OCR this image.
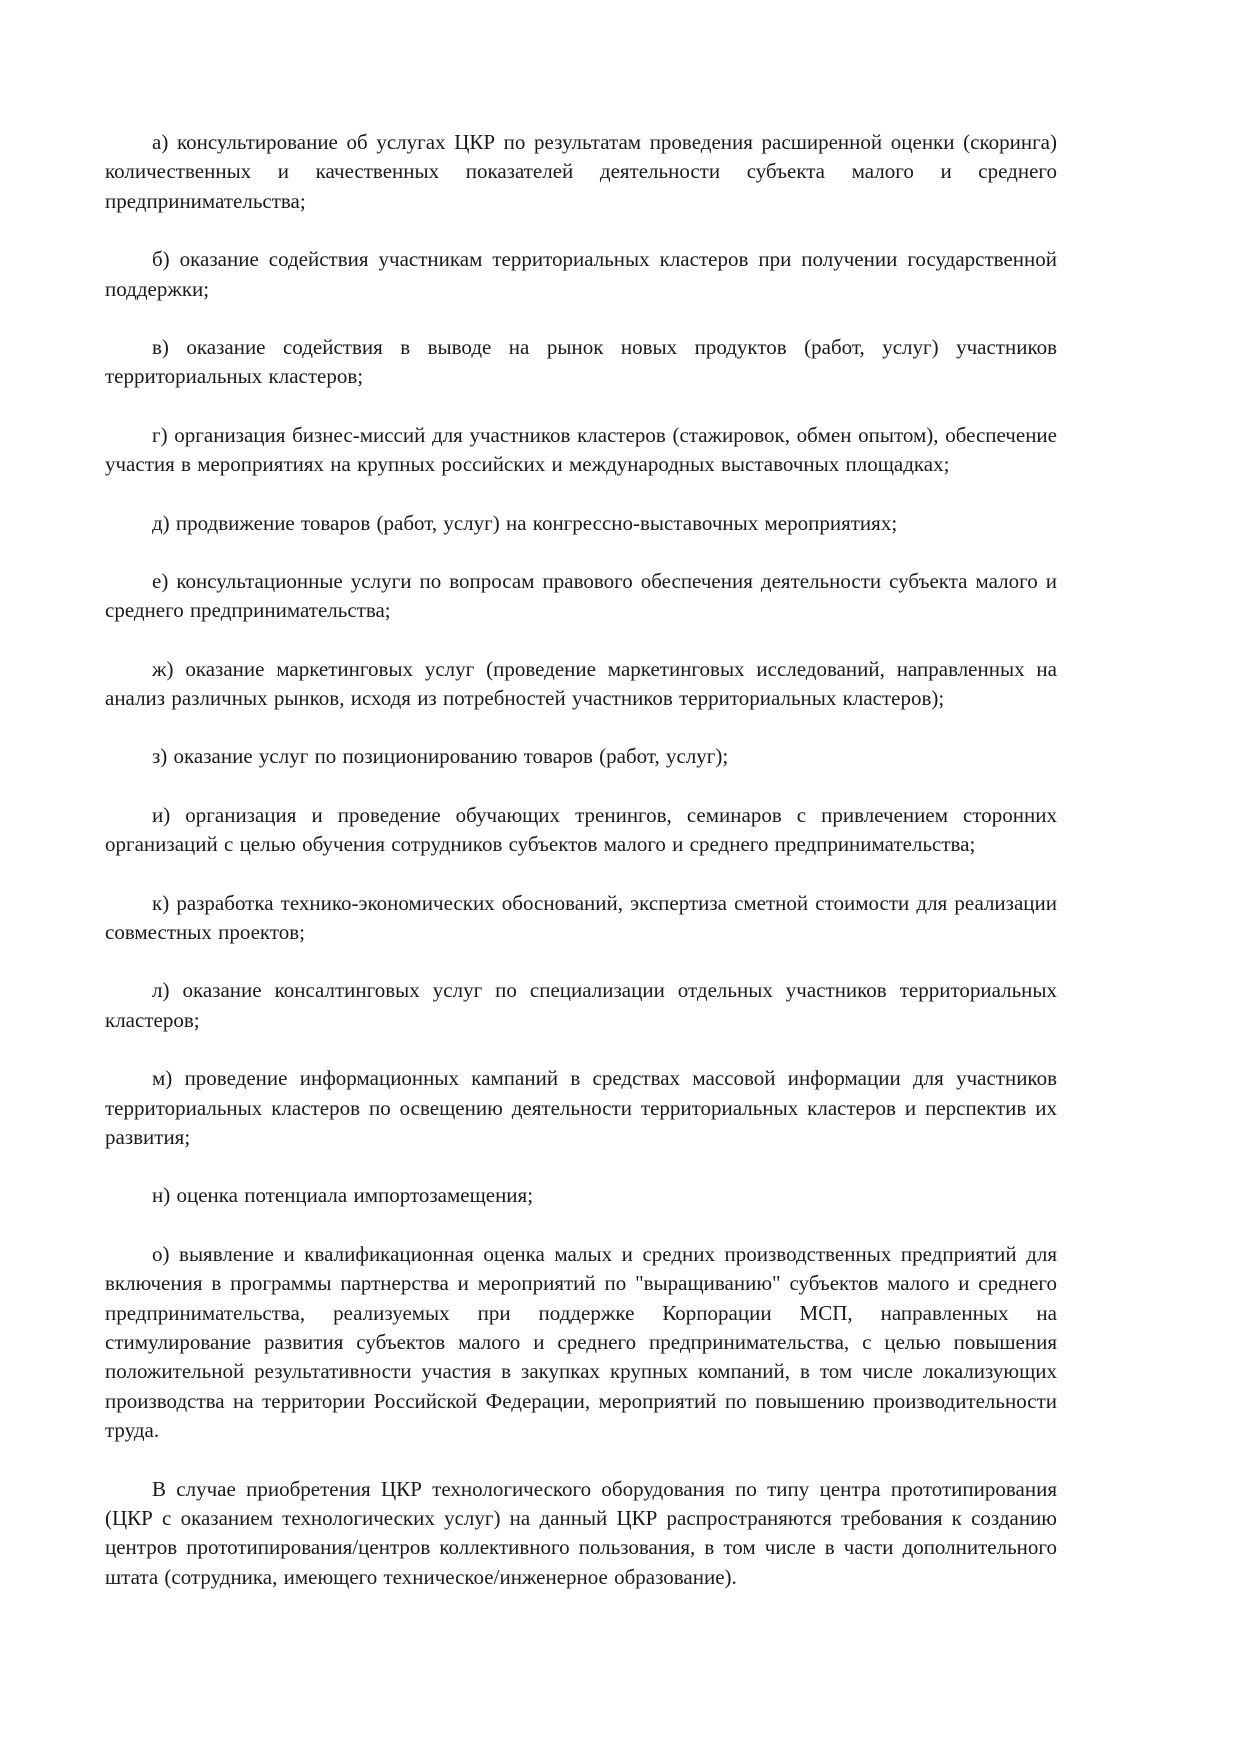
а) консультирование об услугах ЦКР по результатам проведения расширенной оценки (скоринга) количественных и качественных показателей деятельности субъекта малого и среднего предпринимательства;

б) оказание содействия участникам территориальных кластеров при получении государственной поддержки;

в) оказание содействия в выводе на рынок новых продуктов (работ, услуг) участников территориальных кластеров;

г) организация бизнес-миссий для участников кластеров (стажировок, обмен опытом), обеспечение участия в мероприятиях на крупных российских и международных выставочных площадках;

д) продвижение товаров (работ, услуг) на конгрессно-выставочных мероприятиях;

е) консультационные услуги по вопросам правового обеспечения деятельности субъекта малого и среднего предпринимательства;

ж) оказание маркетинговых услуг (проведение маркетинговых исследований, направленных на анализ различных рынков, исходя из потребностей участников территориальных кластеров);

з) оказание услуг по позиционированию товаров (работ, услуг);

и) организация и проведение обучающих тренингов, семинаров с привлечением сторонних организаций с целью обучения сотрудников субъектов малого и среднего предпринимательства;

к) разработка технико-экономических обоснований, экспертиза сметной стоимости для реализации совместных проектов;

л) оказание консалтинговых услуг по специализации отдельных участников территориальных кластеров;

м) проведение информационных кампаний в средствах массовой информации для участников территориальных кластеров по освещению деятельности территориальных кластеров и перспектив их развития;

н) оценка потенциала импортозамещения;

о) выявление и квалификационная оценка малых и средних производственных предприятий для включения в программы партнерства и мероприятий по "выращиванию" субъектов малого и среднего предпринимательства, реализуемых при поддержке Корпорации МСП, направленных на стимулирование развития субъектов малого и среднего предпринимательства, с целью повышения положительной результативности участия в закупках крупных компаний, в том числе локализующих производства на территории Российской Федерации, мероприятий по повышению производительности труда.

В случае приобретения ЦКР технологического оборудования по типу центра прототипирования (ЦКР с оказанием технологических услуг) на данный ЦКР распространяются требования к созданию центров прототипирования/центров коллективного пользования, в том числе в части дополнительного штата (сотрудника, имеющего техническое/инженерное образование).
